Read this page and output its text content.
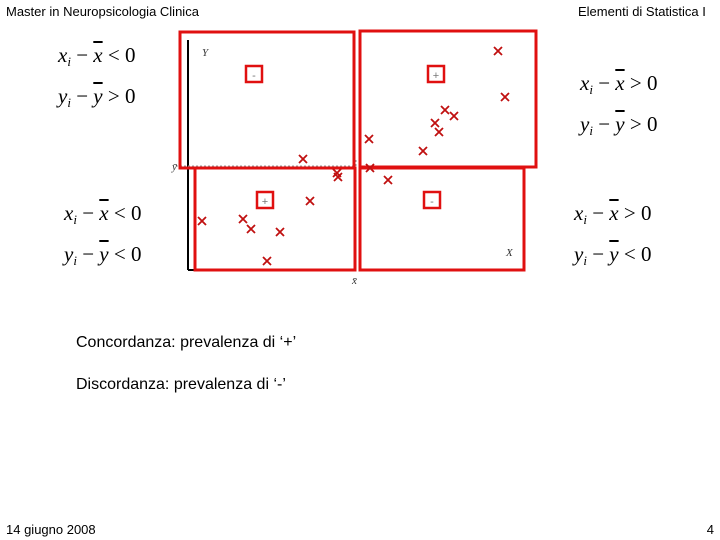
Master in Neuropsicologia Clinica	Elementi di Statistica I
$x_i - \overline{x} < 0$
$y_i - \overline{y} > 0$
$x_i - \overline{x} > 0$
$y_i - \overline{y} > 0$
$x_i - \overline{x} < 0$
$y_i - \overline{y} < 0$
$x_i - \overline{x} > 0$
$y_i - \overline{y} < 0$
Y
X
x̄
ȳ
-	+
+	-
Concordanza: prevalenza di ‘+’
Discordanza: prevalenza di ‘-’
14 giugno 2008	4
